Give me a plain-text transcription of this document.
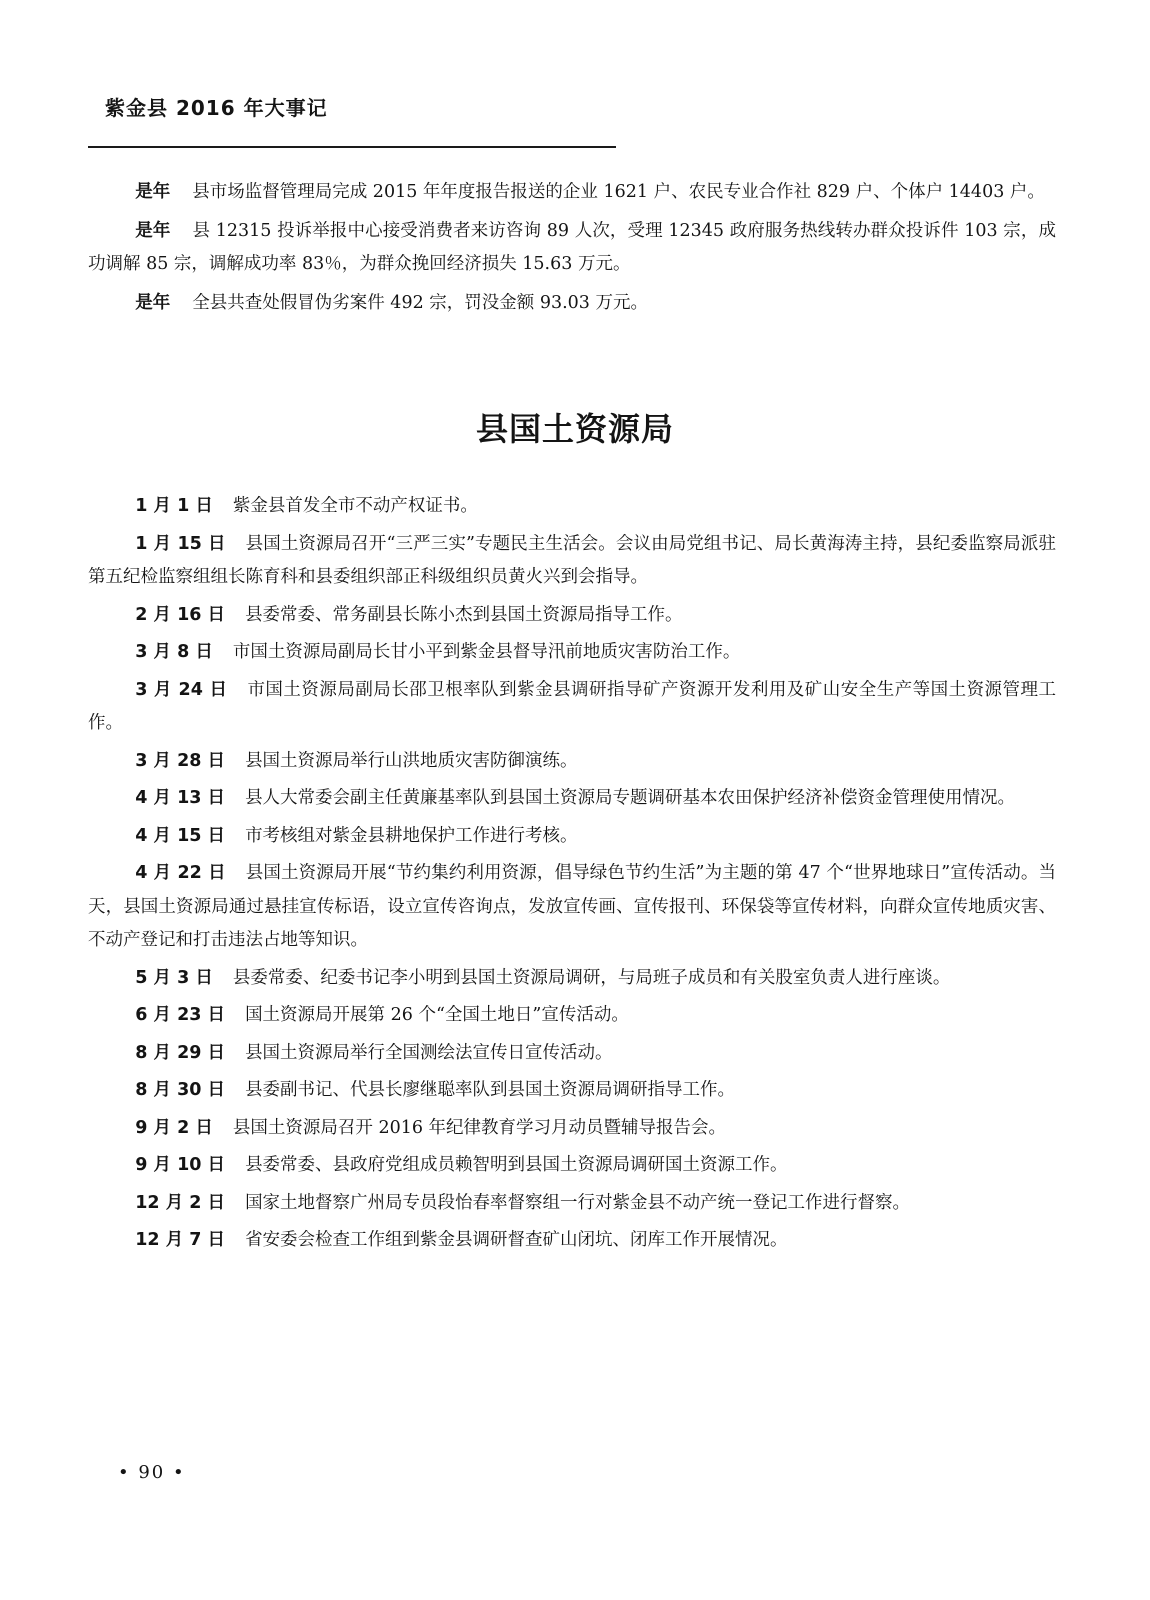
紫金县 2016 年大事记

是年 县市场监督管理局完成 2015 年年度报告报送的企业 1621 户、农民专业合作社 829 户、个体户 14403 户。

是年 县 12315 投诉举报中心接受消费者来访咨询 89 人次，受理 12345 政府服务热线转办群众投诉件 103 宗，成功调解 85 宗，调解成功率 83％，为群众挽回经济损失 15.63 万元。

是年 全县共查处假冒伪劣案件 492 宗，罚没金额 93.03 万元。

县国土资源局

1 月 1 日 紫金县首发全市不动产权证书。

1 月 15 日 县国土资源局召开“三严三实”专题民主生活会。会议由局党组书记、局长黄海涛主持，县纪委监察局派驻第五纪检监察组组长陈育科和县委组织部正科级组织员黄火兴到会指导。

2 月 16 日 县委常委、常务副县长陈小杰到县国土资源局指导工作。

3 月 8 日 市国土资源局副局长甘小平到紫金县督导汛前地质灾害防治工作。

3 月 24 日 市国土资源局副局长邵卫根率队到紫金县调研指导矿产资源开发利用及矿山安全生产等国土资源管理工作。

3 月 28 日 县国土资源局举行山洪地质灾害防御演练。

4 月 13 日 县人大常委会副主任黄廉基率队到县国土资源局专题调研基本农田保护经济补偿资金管理使用情况。

4 月 15 日 市考核组对紫金县耕地保护工作进行考核。

4 月 22 日 县国土资源局开展“节约集约利用资源，倡导绿色节约生活”为主题的第 47 个“世界地球日”宣传活动。当天，县国土资源局通过悬挂宣传标语，设立宣传咨询点，发放宣传画、宣传报刊、环保袋等宣传材料，向群众宣传地质灾害、不动产登记和打击违法占地等知识。

5 月 3 日 县委常委、纪委书记李小明到县国土资源局调研，与局班子成员和有关股室负责人进行座谈。

6 月 23 日 国土资源局开展第 26 个“全国土地日”宣传活动。

8 月 29 日 县国土资源局举行全国测绘法宣传日宣传活动。

8 月 30 日 县委副书记、代县长廖继聪率队到县国土资源局调研指导工作。

9 月 2 日 县国土资源局召开 2016 年纪律教育学习月动员暨辅导报告会。

9 月 10 日 县委常委、县政府党组成员赖智明到县国土资源局调研国土资源工作。

12 月 2 日 国家土地督察广州局专员段怡春率督察组一行对紫金县不动产统一登记工作进行督察。

12 月 7 日 省安委会检查工作组到紫金县调研督查矿山闭坑、闭库工作开展情况。

• 90 •
